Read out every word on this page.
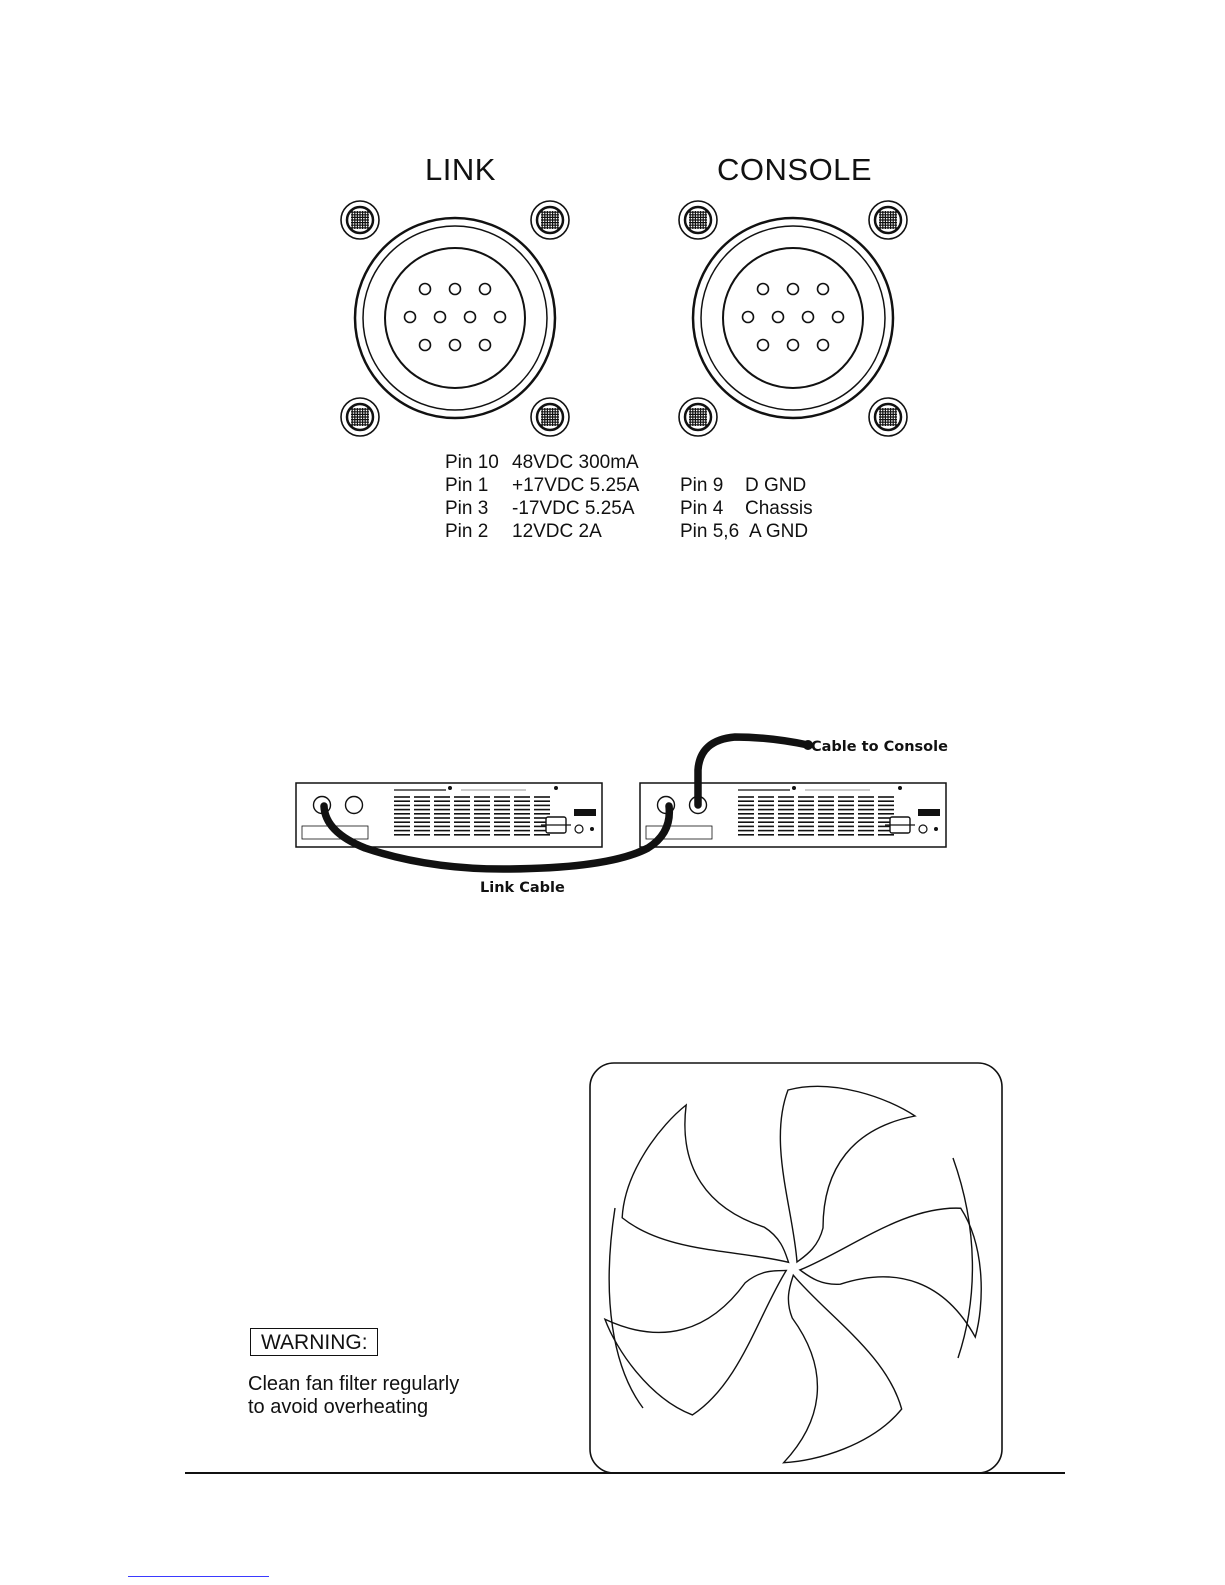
LINK	CONSOLE
Pin 10 48VDC 300mA
Pin 1 +17VDC 5.25A
Pin 3 -17VDC 5.25A
Pin 2 12VDC 2A
Pin 9 D GND
Pin 4 Chassis
Pin 5,6 A GND
Cable to Console
Link Cable
WARNING:
Clean fan filter regularly
to avoid overheating
